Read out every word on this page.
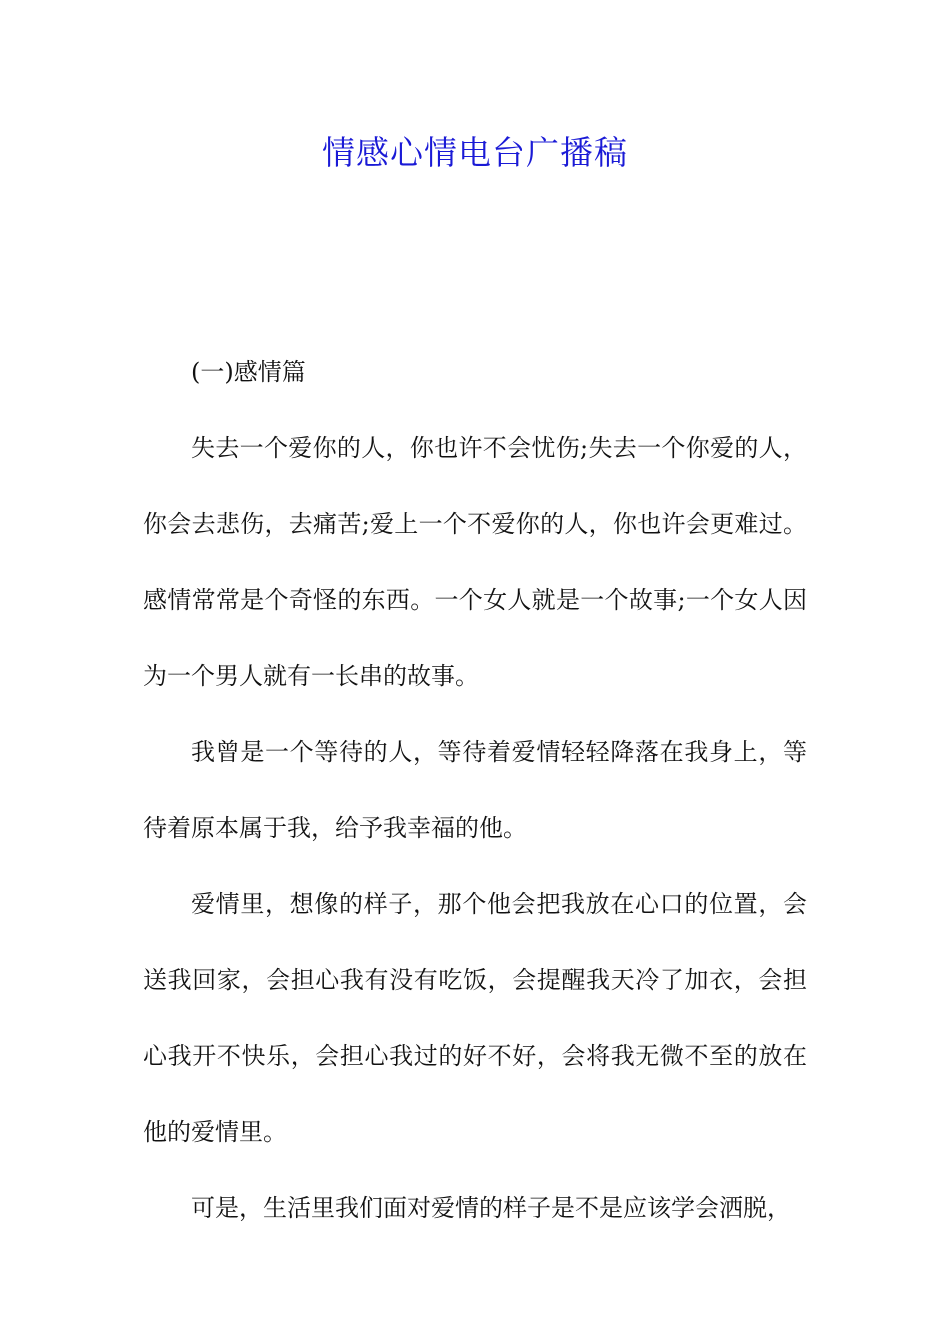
情感心情电台广播稿

(一)感情篇

失去一个爱你的人，你也许不会忧伤;失去一个你爱的人，你会去悲伤，去痛苦;爱上一个不爱你的人，你也许会更难过。感情常常是个奇怪的东西。一个女人就是一个故事;一个女人因为一个男人就有一长串的故事。

我曾是一个等待的人，等待着爱情轻轻降落在我身上，等待着原本属于我，给予我幸福的他。

爱情里，想像的样子，那个他会把我放在心口的位置，会送我回家，会担心我有没有吃饭，会提醒我天冷了加衣，会担心我开不快乐，会担心我过的好不好，会将我无微不至的放在他的爱情里。

可是，生活里我们面对爱情的样子是不是应该学会洒脱，
